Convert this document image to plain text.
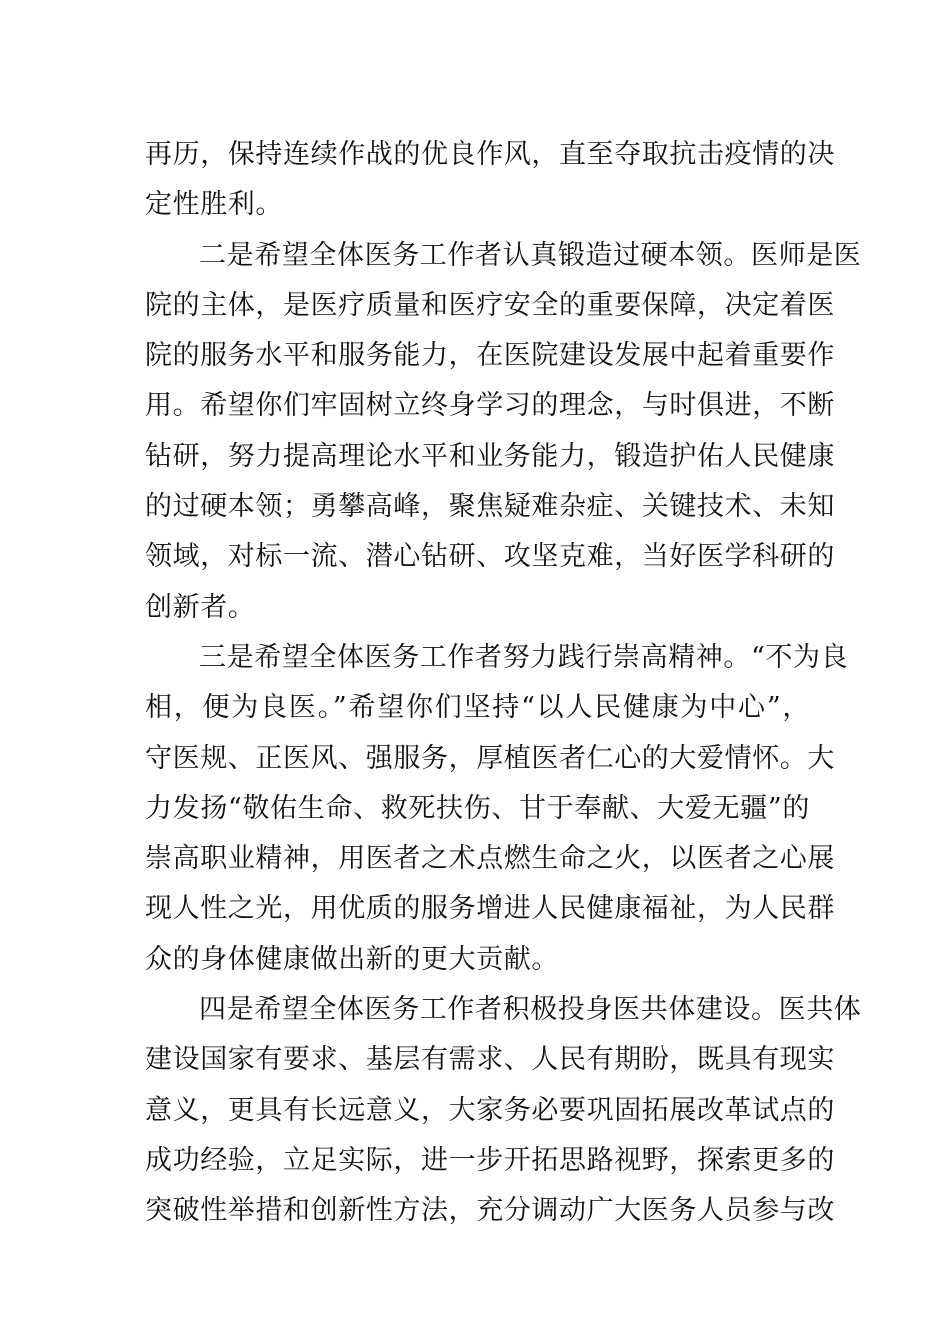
再历，保持连续作战的优良作风，直至夺取抗击疫情的决
定性胜利。
二是希望全体医务工作者认真锻造过硬本领。医师是医
院的主体，是医疗质量和医疗安全的重要保障，决定着医
院的服务水平和服务能力，在医院建设发展中起着重要作
用。希望你们牢固树立终身学习的理念，与时俱进，不断
钻研，努力提高理论水平和业务能力，锻造护佑人民健康
的过硬本领；勇攀高峰，聚焦疑难杂症、关键技术、未知
领域，对标一流、潜心钻研、攻坚克难，当好医学科研的
创新者。
三是希望全体医务工作者努力践行崇高精神。“不为良
相，便为良医。”希望你们坚持“以人民健康为中心”，
守医规、正医风、强服务，厚植医者仁心的大爱情怀。大
力发扬“敬佑生命、救死扶伤、甘于奉献、大爱无疆”的
崇高职业精神，用医者之术点燃生命之火，以医者之心展
现人性之光，用优质的服务增进人民健康福祉，为人民群
众的身体健康做出新的更大贡献。
四是希望全体医务工作者积极投身医共体建设。医共体
建设国家有要求、基层有需求、人民有期盼，既具有现实
意义，更具有长远意义，大家务必要巩固拓展改革试点的
成功经验，立足实际，进一步开拓思路视野，探索更多的
突破性举措和创新性方法，充分调动广大医务人员参与改
